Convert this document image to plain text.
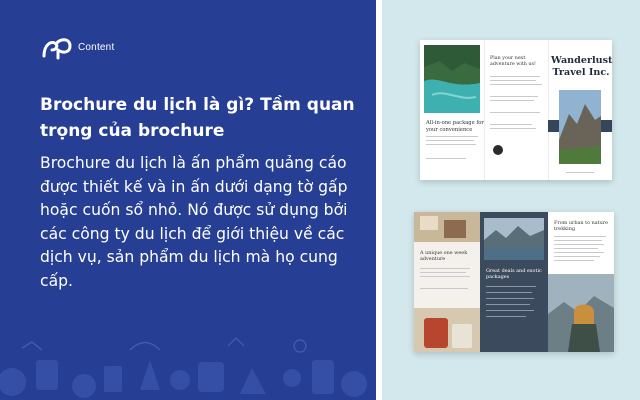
Content
Brochure du lịch là gì? Tầm quan trọng của brochure
Brochure du lịch là ấn phẩm quảng cáo được thiết kế và in ấn dưới dạng tờ gấp hoặc cuốn sổ nhỏ. Nó được sử dụng bởi các công ty du lịch để giới thiệu về các dịch vụ, sản phẩm du lịch mà họ cung cấp.
All-in-one package for your convenience
Plan your next adventure with us!	Wanderlust Travel Inc.
A unique one week adventure
Great deals and exotic packages
From urban to nature trekking
